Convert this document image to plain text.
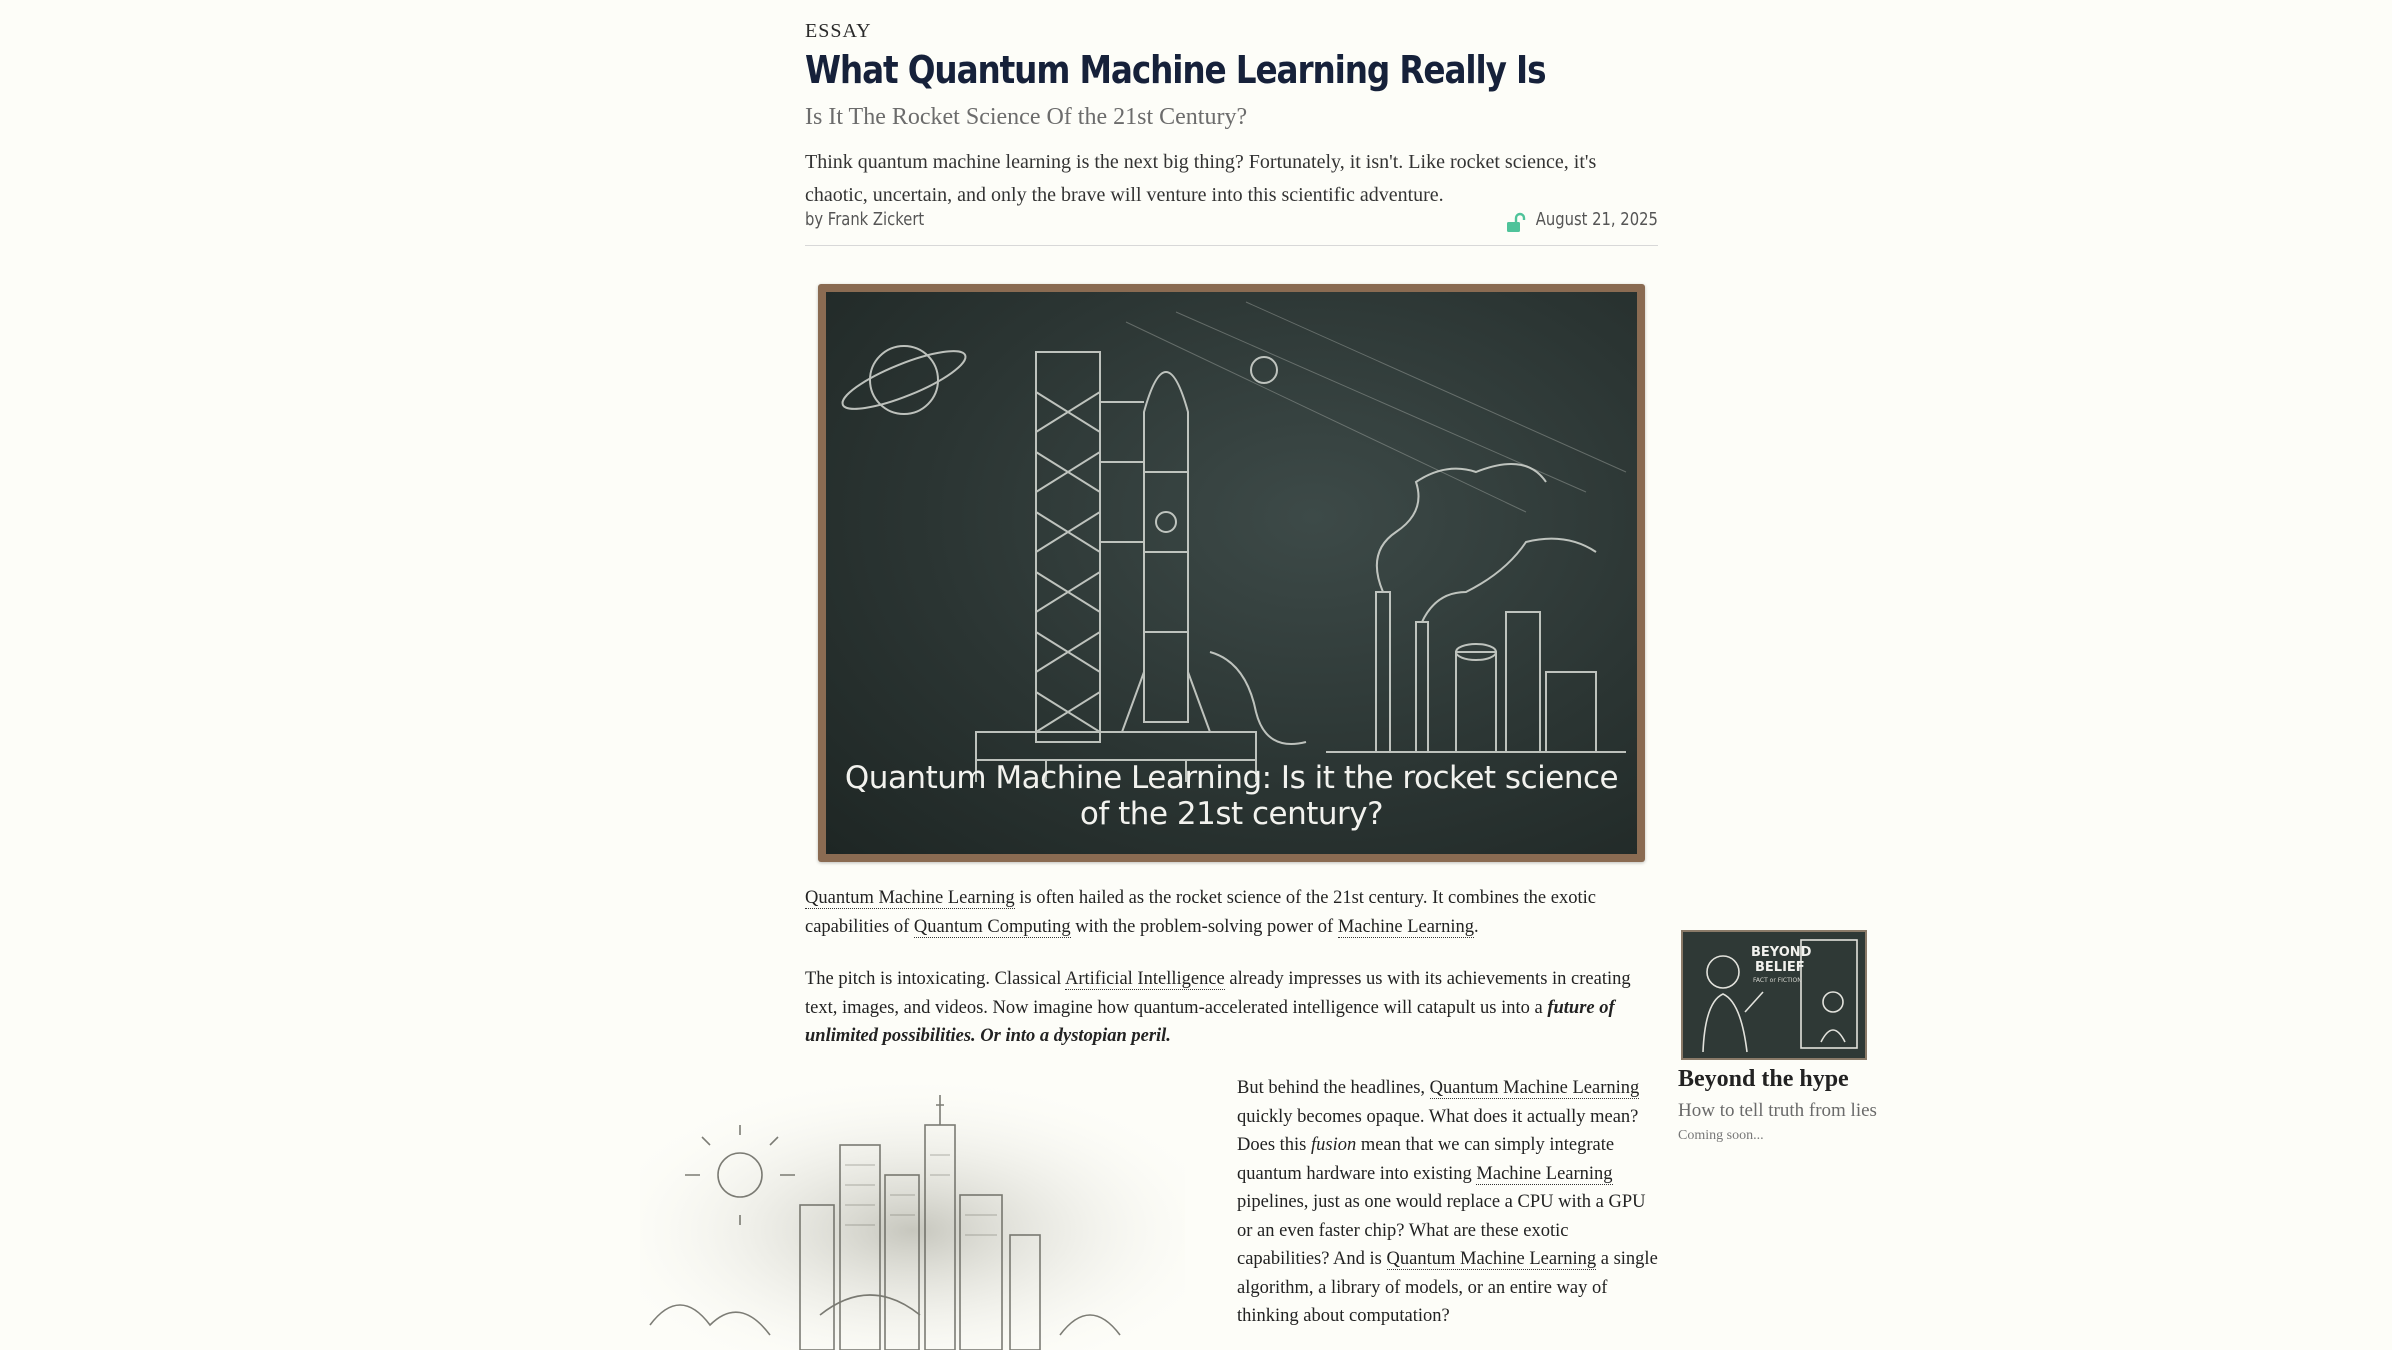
ESSAY
What Quantum Machine Learning Really Is
Is It The Rocket Science Of the 21st Century?
Think quantum machine learning is the next big thing? Fortunately, it isn't. Like rocket science, it's chaotic, uncertain, and only the brave will venture into this scientific adventure.
by Frank Zickert	August 21, 2025
Quantum Machine Learning: Is it the rocket science of the 21st century?
Quantum Machine Learning is often hailed as the rocket science of the 21st century. It combines the exotic capabilities of Quantum Computing with the problem-solving power of Machine Learning.
The pitch is intoxicating. Classical Artificial Intelligence already impresses us with its achievements in creating text, images, and videos. Now imagine how quantum-accelerated intelligence will catapult us into a future of unlimited possibilities. Or into a dystopian peril.
But behind the headlines, Quantum Machine Learning quickly becomes opaque. What does it actually mean? Does this fusion mean that we can simply integrate quantum hardware into existing Machine Learning pipelines, just as one would replace a CPU with a GPU or an even faster chip? What are these exotic capabilities? And is Quantum Machine Learning a single algorithm, a library of models, or an entire way of thinking about computation?
BEYOND
BELIEF
FACT or FICTION
Beyond the hype
How to tell truth from lies
Coming soon...
